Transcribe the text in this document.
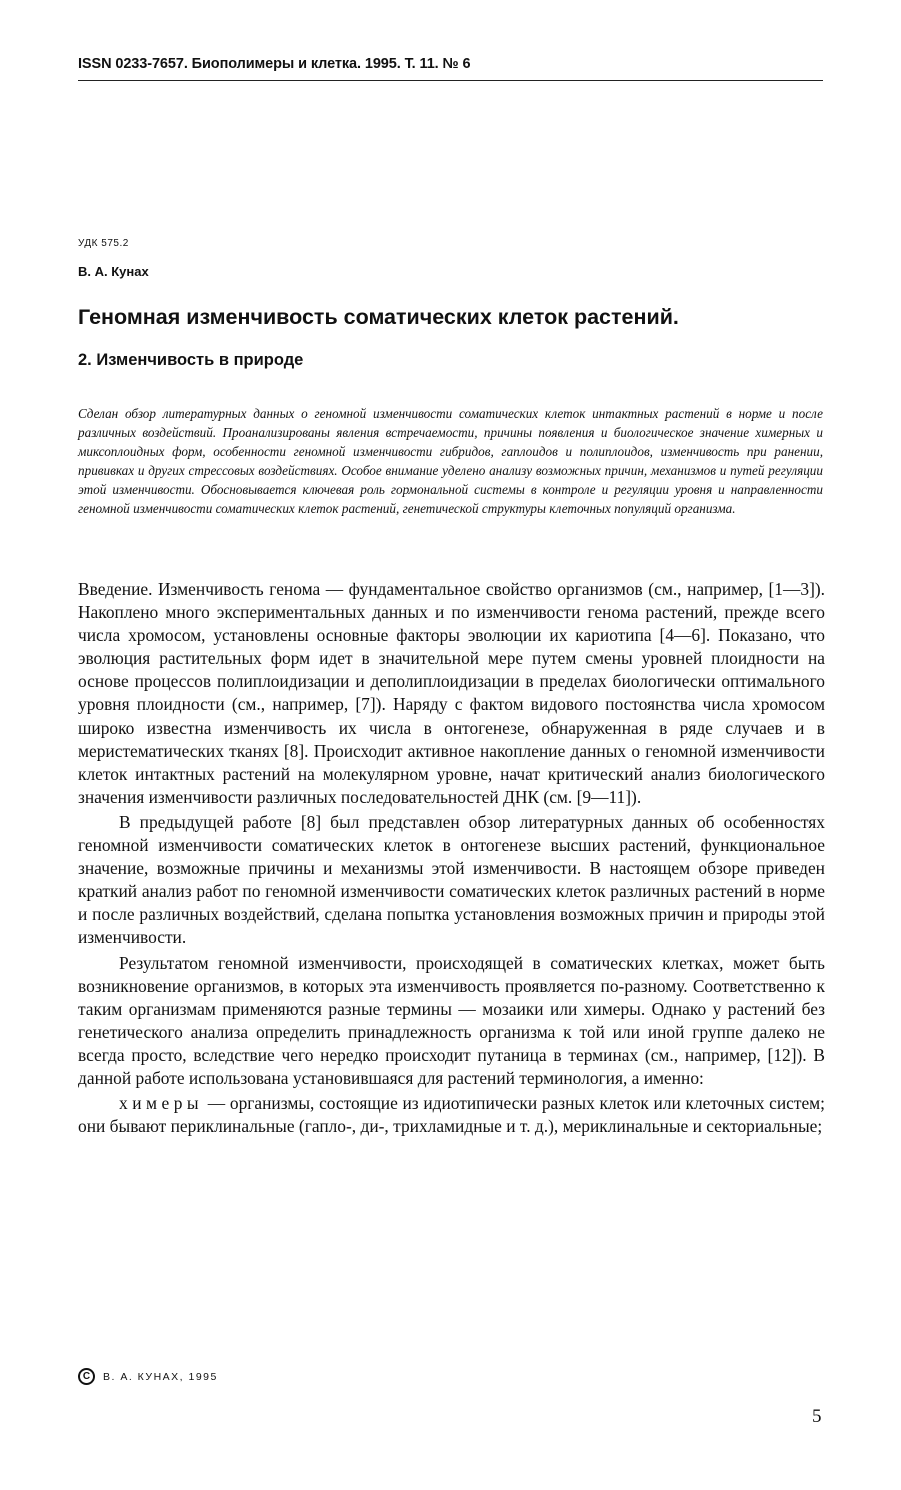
ISSN 0233-7657. Биополимеры и клетка. 1995. Т. 11. № 6
УДК 575.2
В. А. Кунах
Геномная изменчивость соматических клеток растений.
2. Изменчивость в природе
Сделан обзор литературных данных о геномной изменчивости соматических клеток интактных растений в норме и после различных воздействий. Проанализированы явления встречаемости, причины появления и биологическое значение химерных и миксоплоидных форм, особенности геномной изменчивости гибридов, гаплоидов и полиплоидов, изменчивость при ранении, прививках и других стрессовых воздействиях. Особое внимание уделено анализу возможных причин, механизмов и путей регуляции этой изменчивости. Обосновывается ключевая роль гормональной системы в контроле и регуляции уровня и направленности геномной изменчивости соматических клеток растений, генетической структуры клеточных популяций организма.

Введение. Изменчивость генома — фундаментальное свойство организмов (см., например, [1—3]). Накоплено много экспериментальных данных и по изменчивости генома растений, прежде всего числа хромосом, установлены основные факторы эволюции их кариотипа [4—6]. Показано, что эволюция растительных форм идет в значительной мере путем смены уровней плоидности на основе процессов полиплоидизации и деполиплоидизации в пределах биологически оптимального уровня плоидности (см., например, [7]). Наряду с фактом видового постоянства числа хромосом широко известна изменчивость их числа в онтогенезе, обнаруженная в ряде случаев и в меристематических тканях [8]. Происходит активное накопление данных о геномной изменчивости клеток интактных растений на молекулярном уровне, начат критический анализ биологического значения изменчивости различных последовательностей ДНК (см. [9—11]).

В предыдущей работе [8] был представлен обзор литературных данных об особенностях геномной изменчивости соматических клеток в онтогенезе высших растений, функциональное значение, возможные причины и механизмы этой изменчивости. В настоящем обзоре приведен краткий анализ работ по геномной изменчивости соматических клеток различных растений в норме и после различных воздействий, сделана попытка установления возможных причин и природы этой изменчивости.

Результатом геномной изменчивости, происходящей в соматических клетках, может быть возникновение организмов, в которых эта изменчивость проявляется по-разному. Соответственно к таким организмам применяются разные термины — мозаики или химеры. Однако у растений без генетического анализа определить принадлежность организма к той или иной группе далеко не всегда просто, вследствие чего нередко происходит путаница в терминах (см., например, [12]). В данной работе использована установившаяся для растений терминология, а именно:

химеры — организмы, состоящие из идиотипически разных клеток или клеточных систем; они бывают периклинальные (гапло-, ди-, трихламидные и т. д.), мериклинальные и секториальные;

C	В. А. КУНАХ, 1995
5
